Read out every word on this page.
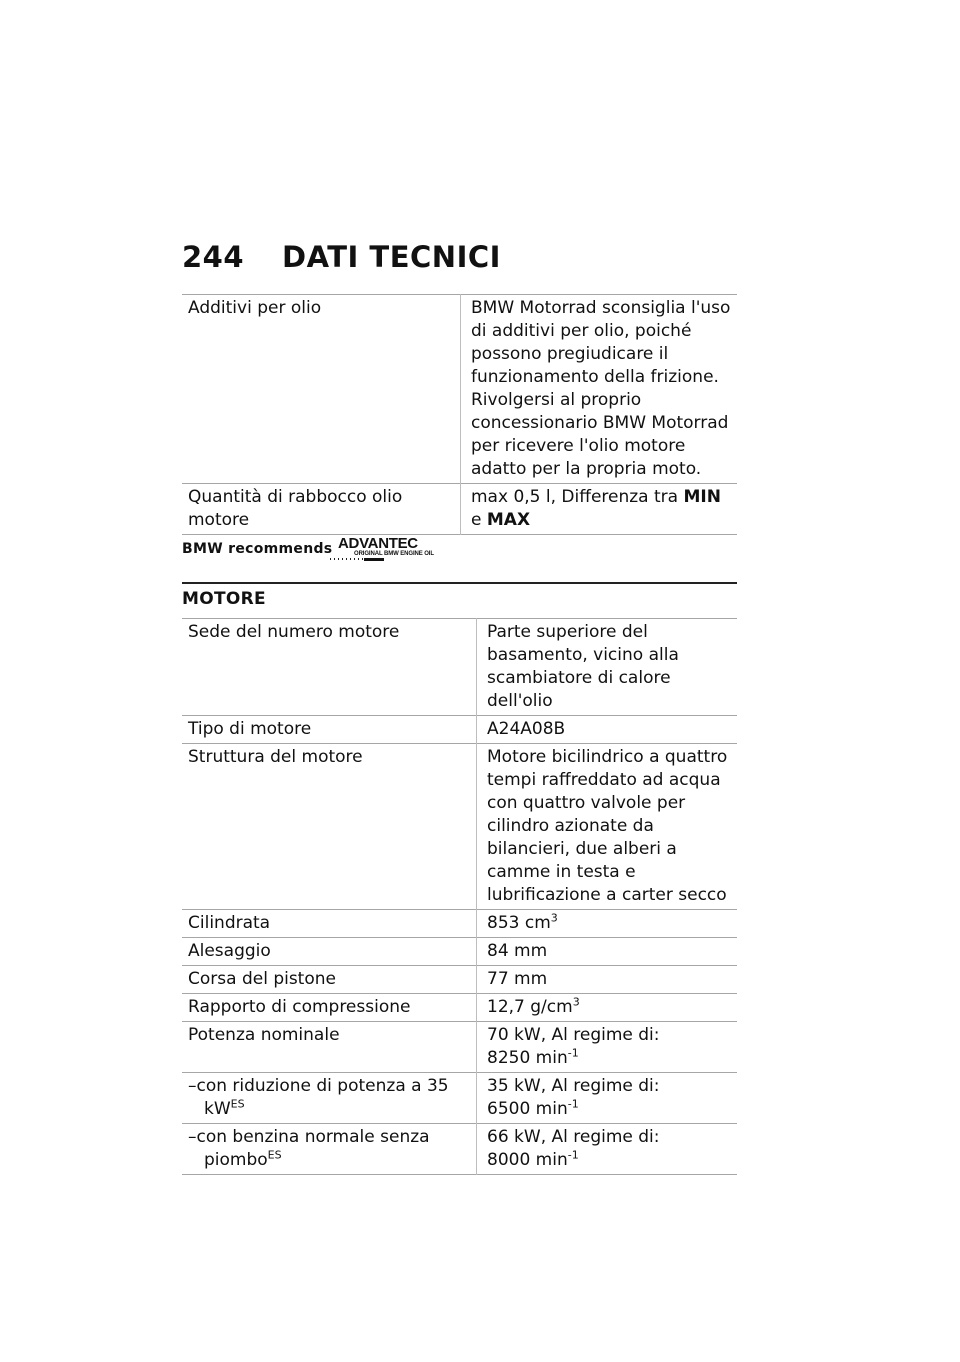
244 DATI TECNICI
Additivi per olio	BMW Motorrad sconsiglia l'uso di additivi per olio, poiché possono pregiudicare il funzionamento della frizione. Rivolgersi al proprio concessionario BMW Motorrad per ricevere l'olio motore adatto per la propria moto.
Quantità di rabbocco olio motore	max 0,5 l, Differenza tra MIN e MAX
BMW recommends ADVANTEC
ORIGINAL BMW ENGINE OIL
MOTORE
Sede del numero motore	Parte superiore del basamento, vicino alla scambiatore di calore dell'olio
Tipo di motore	A24A08B
Struttura del motore	Motore bicilindrico a quattro tempi raffreddato ad acqua con quattro valvole per cilindro azionate da bilancieri, due alberi a camme in testa e lubrificazione a carter secco
Cilindrata	853 $cm^3$
Alesaggio	84 mm
Corsa del pistone	77 mm
Rapporto di compressione	12,7 $g/cm^3$
Potenza nominale	70 kW, Al regime di:
8250 $\min^{-1}$
–con riduzione di potenza a 35 $kW^{ES}$	35 kW, Al regime di:
6500 $\min^{-1}$
–con benzina normale senza piombo$^{ES}$	66 kW, Al regime di:
8000 $\min^{-1}$
